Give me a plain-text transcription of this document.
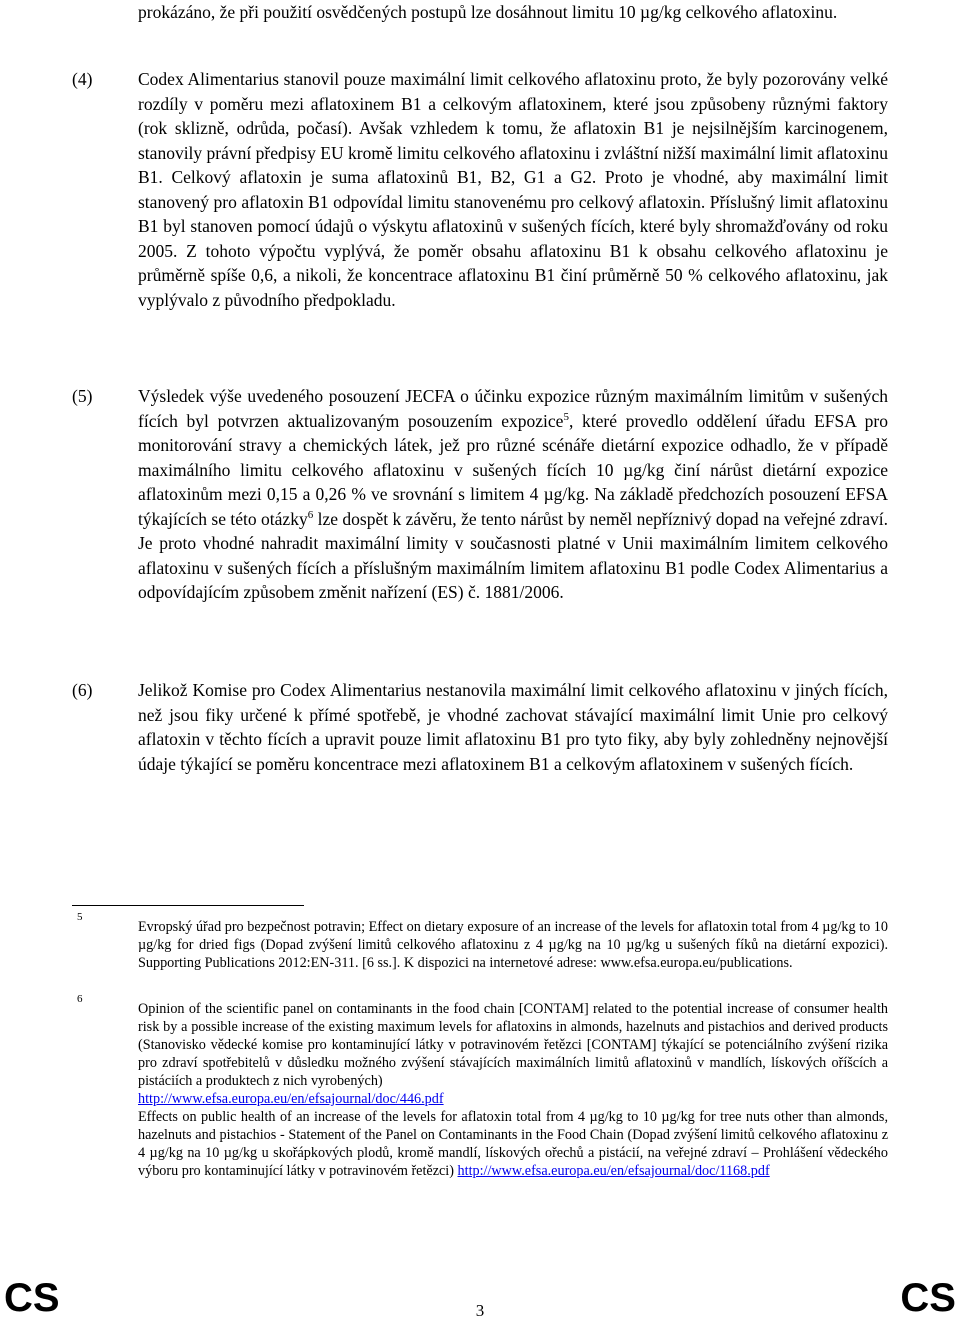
prokázáno, že při použití osvědčených postupů lze dosáhnout limitu 10 µg/kg celkového aflatoxinu.
(4)	Codex Alimentarius stanovil pouze maximální limit celkového aflatoxinu proto, že byly pozorovány velké rozdíly v poměru mezi aflatoxinem B1 a celkovým aflatoxinem, které jsou způsobeny různými faktory (rok sklizně, odrůda, počasí). Avšak vzhledem k tomu, že aflatoxin B1 je nejsilnějším karcinogenem, stanovily právní předpisy EU kromě limitu celkového aflatoxinu i zvláštní nižší maximální limit aflatoxinu B1. Celkový aflatoxin je suma aflatoxinů B1, B2, G1 a G2. Proto je vhodné, aby maximální limit stanovený pro aflatoxin B1 odpovídal limitu stanovenému pro celkový aflatoxin. Příslušný limit aflatoxinu B1 byl stanoven pomocí údajů o výskytu aflatoxinů v sušených fících, které byly shromažďovány od roku 2005. Z tohoto výpočtu vyplývá, že poměr obsahu aflatoxinu B1 k obsahu celkového aflatoxinu je průměrně spíše 0,6, a nikoli, že koncentrace aflatoxinu B1 činí průměrně 50 % celkového aflatoxinu, jak vyplývalo z původního předpokladu.
(5)	Výsledek výše uvedeného posouzení JECFA o účinku expozice různým maximálním limitům v sušených fících byl potvrzen aktualizovaným posouzením expozice$^5$, které provedlo oddělení úřadu EFSA pro monitorování stravy a chemických látek, jež pro různé scénáře dietární expozice odhadlo, že v případě maximálního limitu celkového aflatoxinu v sušených fících 10 µg/kg činí nárůst dietární expozice aflatoxinům mezi 0,15 a 0,26 % ve srovnání s limitem 4 µg/kg. Na základě předchozích posouzení EFSA týkajících se této otázky$^6$ lze dospět k závěru, že tento nárůst by neměl nepříznivý dopad na veřejné zdraví. Je proto vhodné nahradit maximální limity v současnosti platné v Unii maximálním limitem celkového aflatoxinu v sušených fících a příslušným maximálním limitem aflatoxinu B1 podle Codex Alimentarius a odpovídajícím způsobem změnit nařízení (ES) č. 1881/2006.
(6)	Jelikož Komise pro Codex Alimentarius nestanovila maximální limit celkového aflatoxinu v jiných fících, než jsou fiky určené k přímé spotřebě, je vhodné zachovat stávající maximální limit Unie pro celkový aflatoxin v těchto fících a upravit pouze limit aflatoxinu B1 pro tyto fiky, aby byly zohledněny nejnovější údaje týkající se poměru koncentrace mezi aflatoxinem B1 a celkovým aflatoxinem v sušených fících.
5
Evropský úřad pro bezpečnost potravin; Effect on dietary exposure of an increase of the levels for aflatoxin total from 4 µg/kg to 10 µg/kg for dried figs (Dopad zvýšení limitů celkového aflatoxinu z 4 µg/kg na 10 µg/kg u sušených fíků na dietární expozici). Supporting Publications 2012:EN-311. [6 ss.]. K dispozici na internetové adrese: www.efsa.europa.eu/publications.
6
Opinion of the scientific panel on contaminants in the food chain [CONTAM] related to the potential increase of consumer health risk by a possible increase of the existing maximum levels for aflatoxins in almonds, hazelnuts and pistachios and derived products (Stanovisko vědecké komise pro kontaminující látky v potravinovém řetězci [CONTAM] týkající se potenciálního zvýšení rizika pro zdraví spotřebitelů v důsledku možného zvýšení stávajících maximálních limitů aflatoxinů v mandlích, lískových oříšcích a pistáciích a produktech z nich vyrobených)
http://www.efsa.europa.eu/en/efsajournal/doc/446.pdf
Effects on public health of an increase of the levels for aflatoxin total from 4 µg/kg to 10 µg/kg for tree nuts other than almonds, hazelnuts and pistachios - Statement of the Panel on Contaminants in the Food Chain (Dopad zvýšení limitů celkového aflatoxinu z 4 µg/kg na 10 µg/kg u skořápkových plodů, kromě mandlí, lískových ořechů a pistácií, na veřejné zdraví – Prohlášení vědeckého výboru pro kontaminující látky v potravinovém řetězci) http://www.efsa.europa.eu/en/efsajournal/doc/1168.pdf
CS	3	CS
